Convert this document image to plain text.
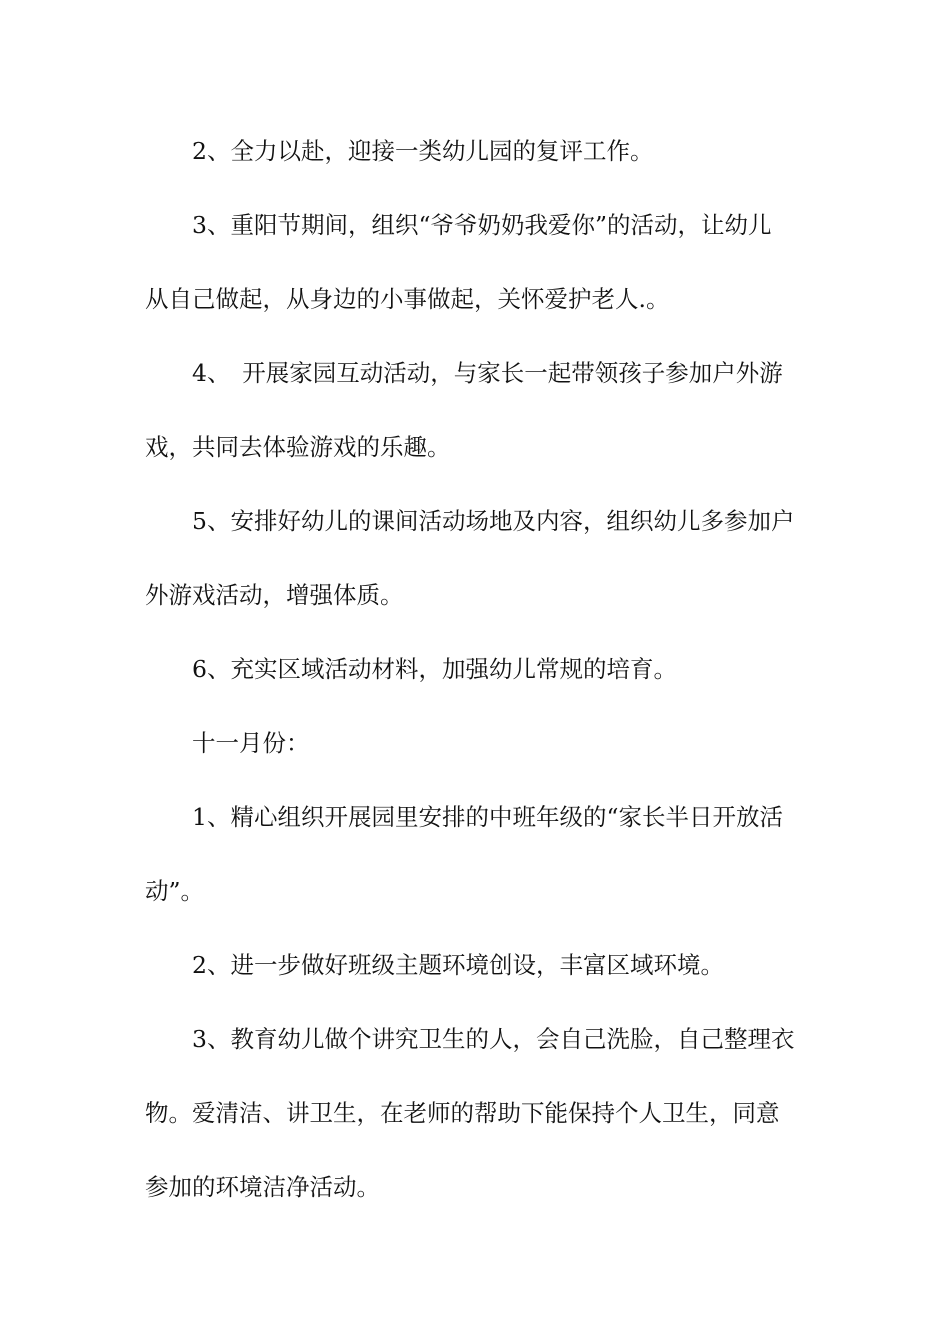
2、全力以赴，迎接一类幼儿园的复评工作。
3、重阳节期间，组织“爷爷奶奶我爱你”的活动，让幼儿
从自己做起，从身边的小事做起，关怀爱护老人.。
4、　开展家园互动活动，与家长一起带领孩子参加户外游
戏，共同去体验游戏的乐趣。
5、安排好幼儿的课间活动场地及内容，组织幼儿多参加户
外游戏活动，增强体质。
6、充实区域活动材料，加强幼儿常规的培育。
十一月份：
1、精心组织开展园里安排的中班年级的“家长半日开放活
动”。
2、进一步做好班级主题环境创设，丰富区域环境。
3、教育幼儿做个讲究卫生的人，会自己洗脸，自己整理衣
物。爱清洁、讲卫生，在老师的帮助下能保持个人卫生，同意
参加的环境洁净活动。
